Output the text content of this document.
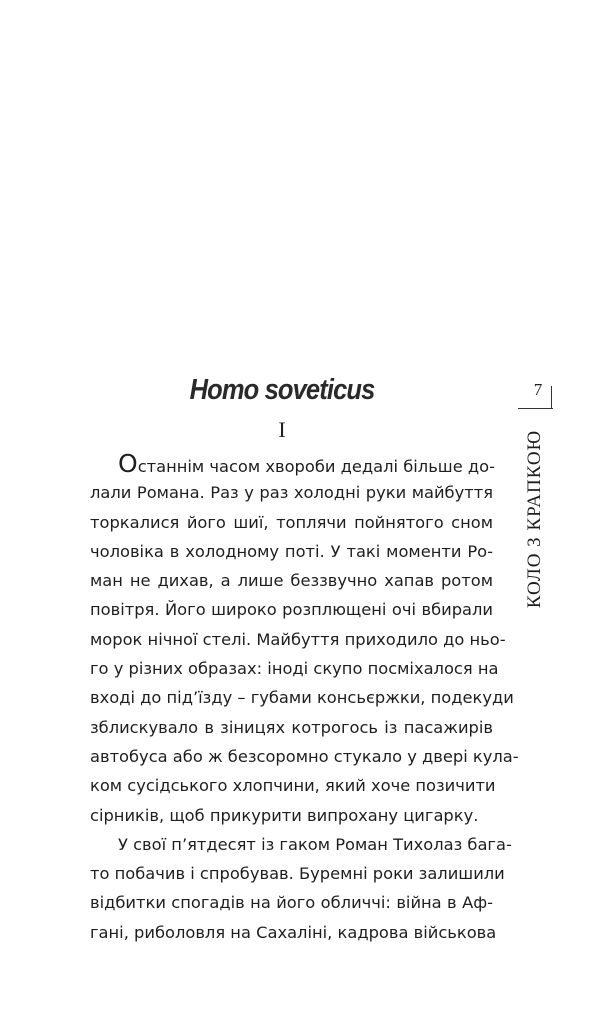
Homo soveticus
I
7
КОЛО З КРАПКОЮ
Останнім часом хвороби дедалі більше до-
лали Романа. Раз у раз холодні руки майбуття
торкалися його шиї, топлячи пойнятого сном
чоловіка в холодному поті. У такі моменти Ро-
ман не дихав, а лише беззвучно хапав ротом
повітря. Його широко розплющені очі вбирали
морок нічної стелі. Майбуття приходило до ньо-
го у різних образах: іноді скупо посміхалося на
вході до під’їзду – губами консьєржки, подекуди
зблискувало в зіницях котрогось із пасажирів
автобуса або ж безсоромно стукало у двері кула-
ком сусідського хлопчини, який хоче позичити
сірників, щоб прикурити випрохану цигарку.
У свої п’ятдесят із гаком Роман Тихолаз бага-
то побачив і спробував. Буремні роки залишили
відбитки спогадів на його обличчі: війна в Аф-
гані, риболовля на Сахаліні, кадрова військова
